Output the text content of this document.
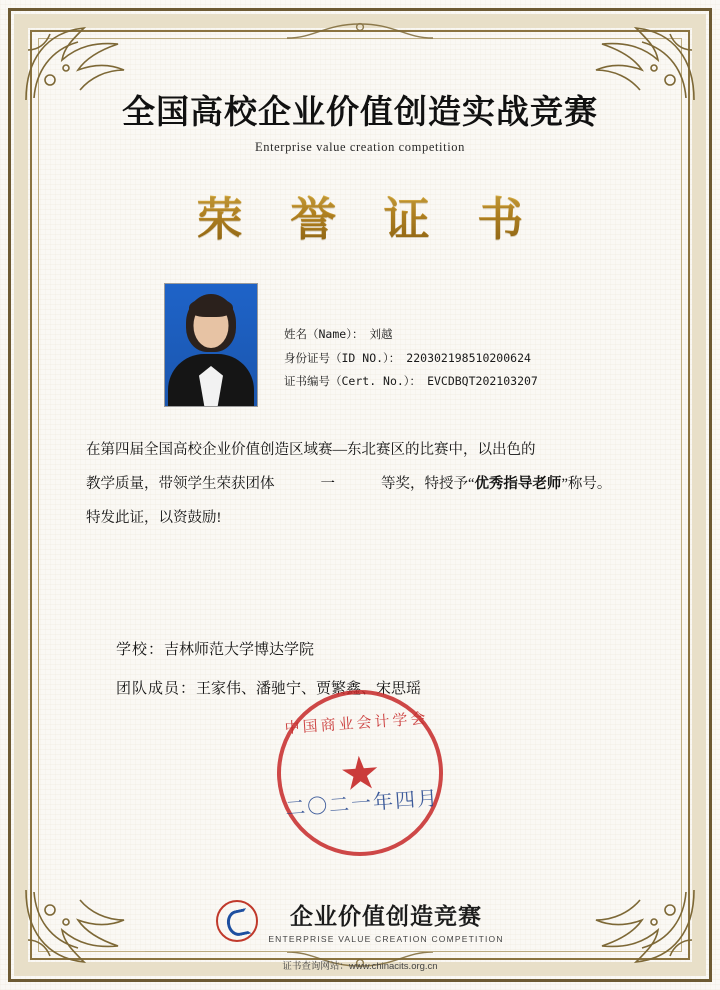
全国高校企业价值创造实战竞赛
Enterprise value creation competition
荣 誉 证 书
姓名（Name）： 刘越
身份证号（ID NO.）： 220302198510200624
证书编号（Cert. No.）： EVCDBQT202103207
在第四届全国高校企业价值创造区域赛—东北赛区的比赛中，以出色的
教学质量，带领学生荣获团体	一	等奖，特授予“优秀指导老师”称号。
特发此证，以资鼓励!
学校：吉林师范大学博达学院
团队成员：王家伟、潘驰宁、贾繁鑫、宋思瑶
中国商业会计学会
★
二〇二一年四月
企业价值创造竞赛
ENTERPRISE VALUE CREATION COMPETITION
证书查询网站：www.chinacits.org.cn
